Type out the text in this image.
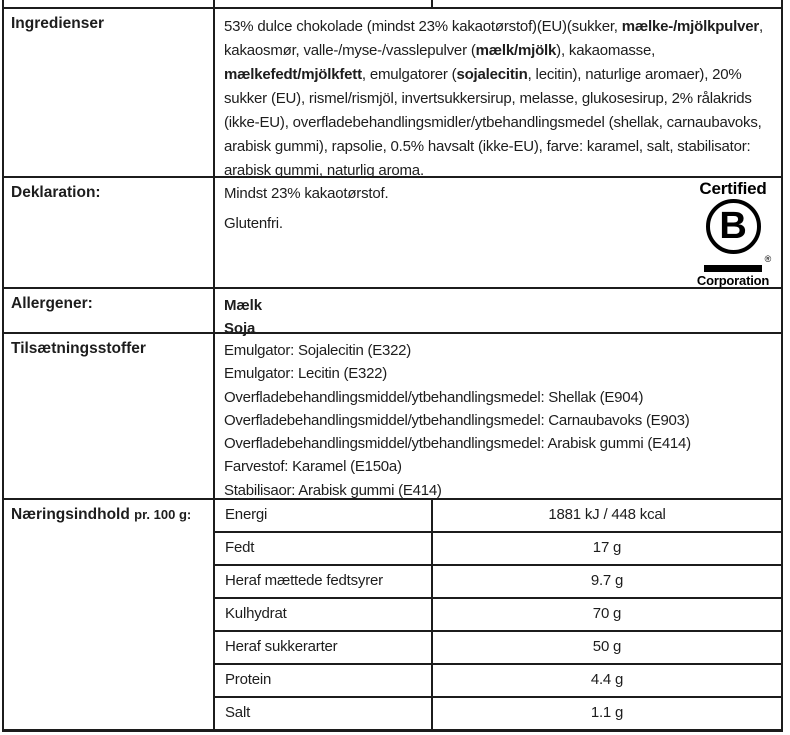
Ingredienser	53% dulce chokolade (mindst 23% kakaotørstof)(EU)(sukker, mælke-/mjölkpulver, kakaosmør, valle-/myse-/vasslepulver (mælk/mjölk), kakaomasse, mælkefedt/mjölkfett, emulgatorer (sojalecitin, lecitin), naturlige aromaer), 20% sukker (EU), rismel/rismjöl, invertsukkersirup, melasse, glukosesirup, 2% rålakrids (ikke-EU), overfladebehandlingsmidler/ytbehandlingsmedel (shellak, carnaubavoks, arabisk gummi), rapsolie, 0.5% havsalt (ikke-EU), farve: karamel, salt, stabilisator: arabisk gummi, naturlig aroma.

Deklaration:	Mindst 23% kakaotørstof.

Glutenfri.

Certified
B
®
Corporation
Allergener:	Mælk
Soja
Tilsætningsstoffer	Emulgator: Sojalecitin (E322)
Emulgator: Lecitin (E322)
Overfladebehandlingsmiddel/ytbehandlingsmedel: Shellak (E904)
Overfladebehandlingsmiddel/ytbehandlingsmedel: Carnaubavoks (E903)
Overfladebehandlingsmiddel/ytbehandlingsmedel: Arabisk gummi (E414)
Farvestof: Karamel (E150a)
Stabilisaor: Arabisk gummi (E414)
Næringsindhold pr. 100 g:	Energi	1881 kJ / 448 kcal
Fedt	17 g
Heraf mættede fedtsyrer	9.7 g
Kulhydrat	70 g
Heraf sukkerarter	50 g
Protein	4.4 g
Salt	1.1 g
